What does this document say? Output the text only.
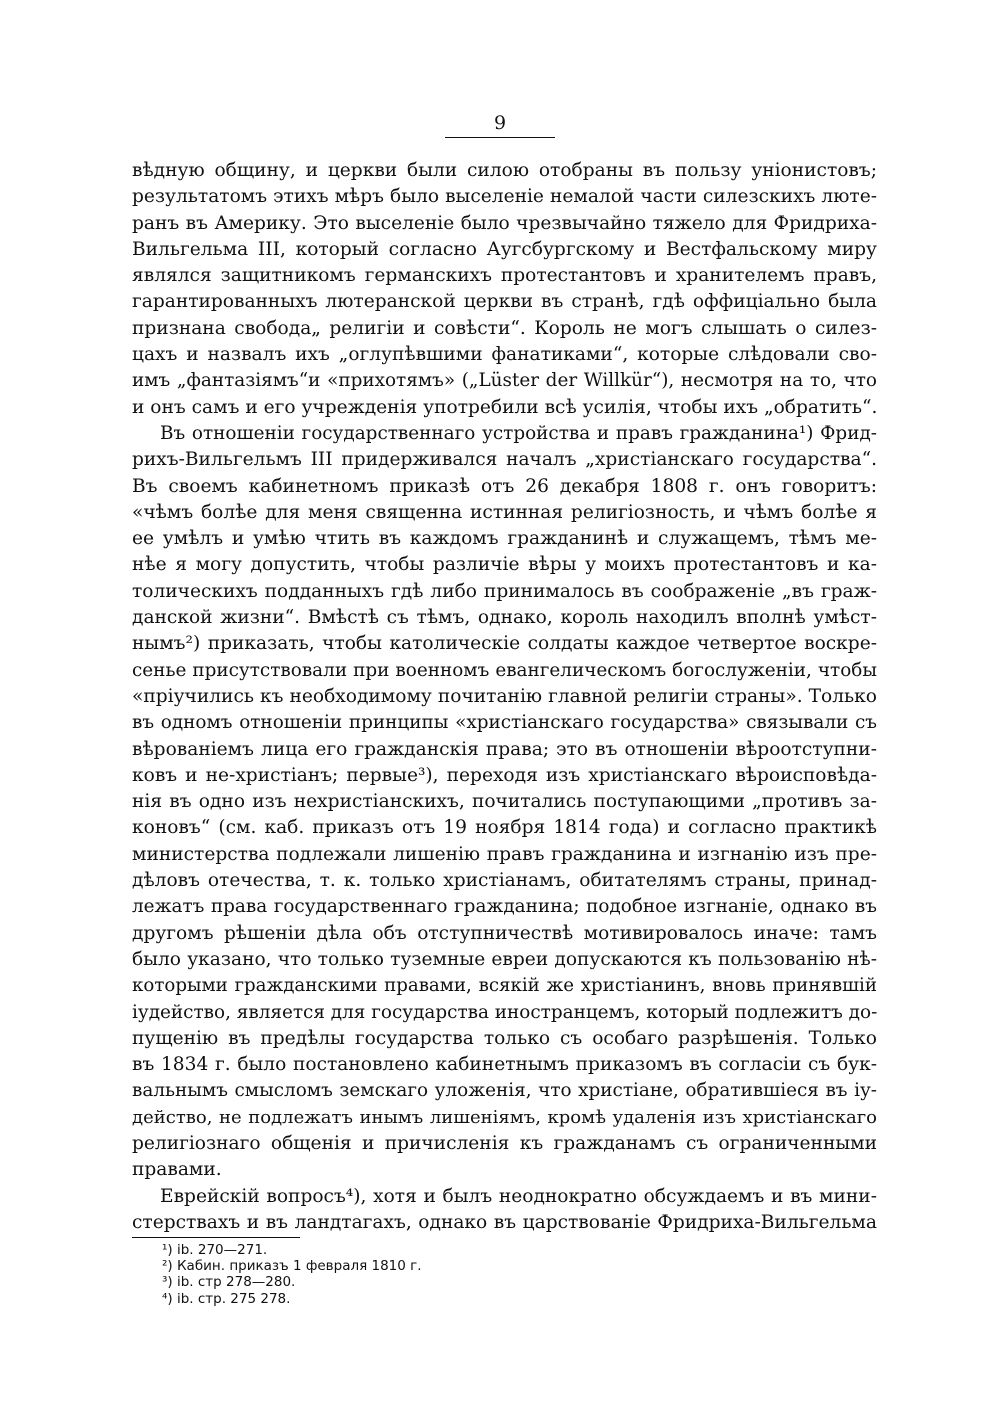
9
вѣдную общину, и церкви были силою отобраны въ пользу уніонистовъ;
результатомъ этихъ мѣръ было выселеніе немалой части силезскихъ люте-
ранъ въ Америку. Это выселеніе было чрезвычайно тяжело для Фридриха-
Вильгельма III, который согласно Аугсбургскому и Вестфальскому миру
являлся защитникомъ германскихъ протестантовъ и хранителемъ правъ,
гарантированныхъ лютеранской церкви въ странѣ, гдѣ оффиціально была
признана свобода„ религіи и совѣсти“. Король не могъ слышать о силез-
цахъ и назвалъ ихъ „оглупѣвшими фанатиками“, которые слѣдовали сво-
имъ „фантазіямъ“и «прихотямъ» („Lüster der Willkür“), несмотря на то, что
и онъ самъ и его учрежденія употребили всѣ усилія, чтобы ихъ „обратить“.
Въ отношеніи государственнаго устройства и правъ гражданина¹) Фрид-
рихъ-Вильгельмъ III придерживался началъ „христіанскаго государства“.
Въ своемъ кабинетномъ приказѣ отъ 26 декабря 1808 г. онъ говоритъ:
«чѣмъ болѣе для меня священна истинная религіозность, и чѣмъ болѣе я
ее умѣлъ и умѣю чтить въ каждомъ гражданинѣ и служащемъ, тѣмъ ме-
нѣе я могу допустить, чтобы различіе вѣры у моихъ протестантовъ и ка-
толическихъ подданныхъ гдѣ либо принималось въ соображеніе „въ граж-
данской жизни“. Вмѣстѣ съ тѣмъ, однако, король находилъ вполнѣ умѣст-
нымъ²) приказать, чтобы католическіе солдаты каждое четвертое воскре-
сенье присутствовали при военномъ евангелическомъ богослуженіи, чтобы
«пріучились къ необходимому почитанію главной религіи страны». Только
въ одномъ отношеніи принципы «христіанскаго государства» связывали съ
вѣрованіемъ лица его гражданскія права; это въ отношеніи вѣроотступни-
ковъ и не-христіанъ; первые³), переходя изъ христіанскаго вѣроисповѣда-
нія въ одно изъ нехристіанскихъ, почитались поступающими „противъ за-
коновъ“ (см. каб. приказъ отъ 19 ноября 1814 года) и согласно практикѣ
министерства подлежали лишенію правъ гражданина и изгнанію изъ пре-
дѣловъ отечества, т. к. только христіанамъ, обитателямъ страны, принад-
лежатъ права государственнаго гражданина; подобное изгнаніе, однако въ
другомъ рѣшеніи дѣла объ отступничествѣ мотивировалось иначе: тамъ
было указано, что только туземные евреи допускаются къ пользованію нѣ-
которыми гражданскими правами, всякій же христіанинъ, вновь принявшій
іудейство, является для государства иностранцемъ, который подлежитъ до-
пущенію въ предѣлы государства только съ особаго разрѣшенія. Только
въ 1834 г. было постановлено кабинетнымъ приказомъ въ согласіи съ бук-
вальнымъ смысломъ земскаго уложенія, что христіане, обратившіеся въ іу-
действо, не подлежатъ инымъ лишеніямъ, кромѣ удаленія изъ христіанскаго
религіознаго общенія и причисленія къ гражданамъ съ ограниченными
правами.
Еврейскій вопросъ⁴), хотя и былъ неоднократно обсуждаемъ и въ мини-
стерствахъ и въ ландтагахъ, однако въ царствованіе Фридриха-Вильгельма
¹) ib. 270—271.
²) Кабин. приказъ 1 февраля 1810 г.
³) ib. стр 278—280.
⁴) ib. стр. 275 278.
